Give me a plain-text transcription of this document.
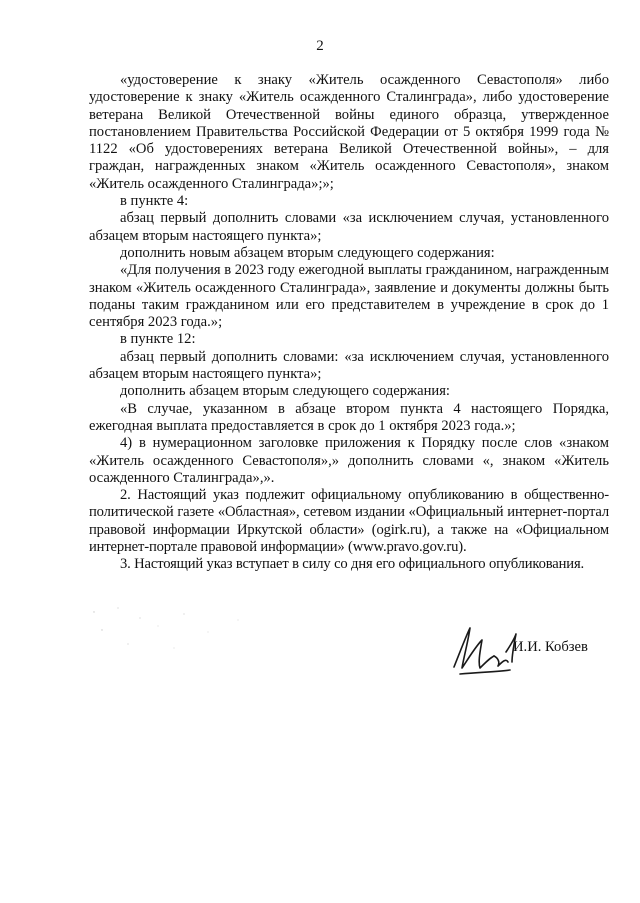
2

«удостоверение к знаку «Житель осажденного Севастополя» либо удостоверение к знаку «Житель осажденного Сталинграда», либо удостоверение ветерана Великой Отечественной войны единого образца, утвержденное постановлением Правительства Российской Федерации от 5 октября 1999 года № 1122 «Об удостоверениях ветерана Великой Отечественной войны», – для граждан, награжденных знаком «Житель осажденного Севастополя», знаком «Житель осажденного Сталинграда»;»;

в пункте 4:

абзац первый дополнить словами «за исключением случая, установленного абзацем вторым настоящего пункта»;

дополнить новым абзацем вторым следующего содержания:

«Для получения в 2023 году ежегодной выплаты гражданином, награжденным знаком «Житель осажденного Сталинграда», заявление и документы должны быть поданы таким гражданином или его представителем в учреждение в срок до 1 сентября 2023 года.»;

в пункте 12:

абзац первый дополнить словами: «за исключением случая, установленного абзацем вторым настоящего пункта»;

дополнить абзацем вторым следующего содержания:

«В случае, указанном в абзаце втором пункта 4 настоящего Порядка, ежегодная выплата предоставляется в срок до 1 октября 2023 года.»;

4) в нумерационном заголовке приложения к Порядку после слов «знаком «Житель осажденного Севастополя»,» дополнить словами «, знаком «Житель осажденного Сталинграда»,».

2. Настоящий указ подлежит официальному опубликованию в общественно-политической газете «Областная», сетевом издании «Официальный интернет-портал правовой информации Иркутской области» (ogirk.ru), а также на «Официальном интернет-портале правовой информации» (www.pravo.gov.ru).

3. Настоящий указ вступает в силу со дня его официального опубликования.

И.И. Кобзев
